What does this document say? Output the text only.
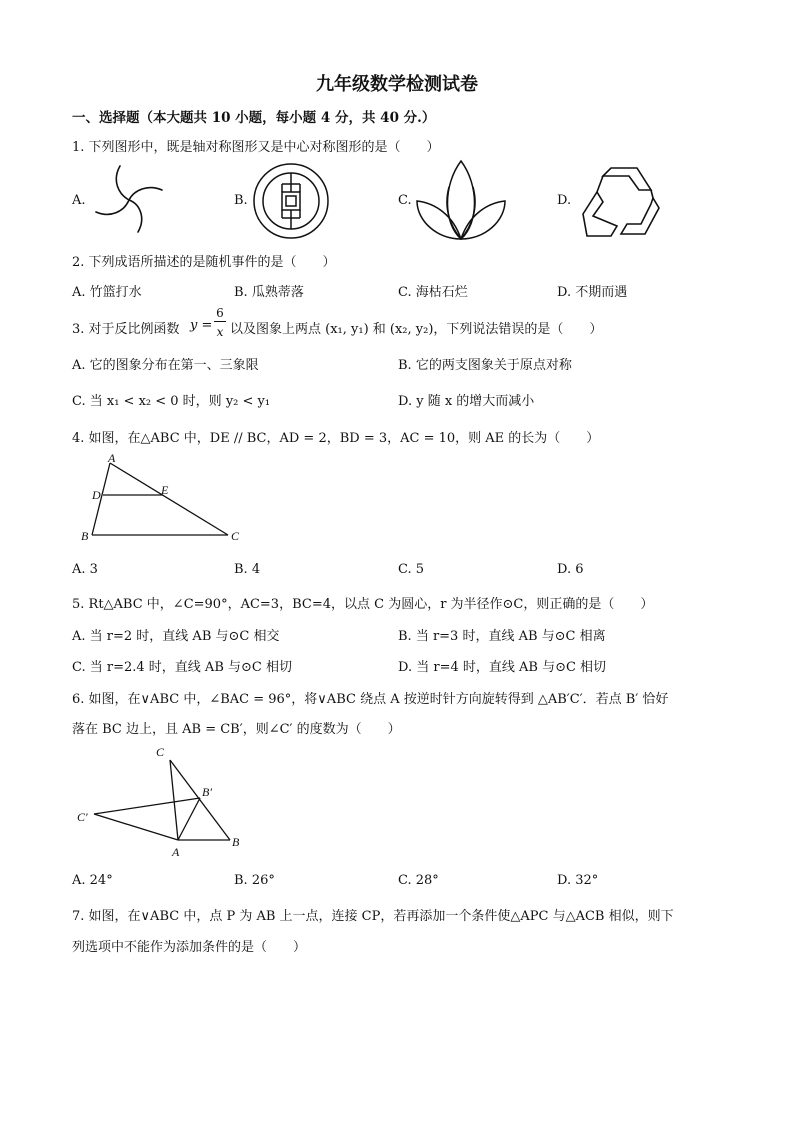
九年级数学检测试卷
一、选择题（本大题共 10 小题，每小题 4 分，共 40 分.）
1. 下列图形中，既是轴对称图形又是中心对称图形的是（　　）
A.	B.	C.	D.
2. 下列成语所描述的是随机事件的是（　　）
A. 竹篮打水	B. 瓜熟蒂落	C. 海枯石烂	D. 不期而遇
3. 对于反比例函数 y =
6
x 以及图象上两点 (x₁, y₁) 和 (x₂, y₂)，下列说法错误的是（　　）
A. 它的图象分布在第一、三象限	B. 它的两支图象关于原点对称
C. 当 x₁ < x₂ < 0 时，则 y₂ < y₁	D. y 随 x 的增大而减小
4. 如图，在△ABC 中，DE // BC，AD = 2，BD = 3，AC = 10，则 AE 的长为（　　）
A
D	E
B	C
A. 3	B. 4	C. 5	D. 6
5. Rt△ABC 中，∠C=90°，AC=3，BC=4，以点 C 为圆心，r 为半径作⊙C，则正确的是（　　）
A. 当 r=2 时，直线 AB 与⊙C 相交	B. 当 r=3 时，直线 AB 与⊙C 相离
C. 当 r=2.4 时，直线 AB 与⊙C 相切	D. 当 r=4 时，直线 AB 与⊙C 相切
6. 如图，在∨ABC 中，∠BAC = 96°，将∨ABC 绕点 A 按逆时针方向旋转得到 △AB′C′．若点 B′ 恰好
落在 BC 边上，且 AB = CB′，则∠C′ 的度数为（　　）
C
B′
C′
A
B
A. 24°	B. 26°	C. 28°	D. 32°
7. 如图，在∨ABC 中，点 P 为 AB 上一点，连接 CP，若再添加一个条件使△APC 与△ACB 相似，则下
列选项中不能作为添加条件的是（　　）
